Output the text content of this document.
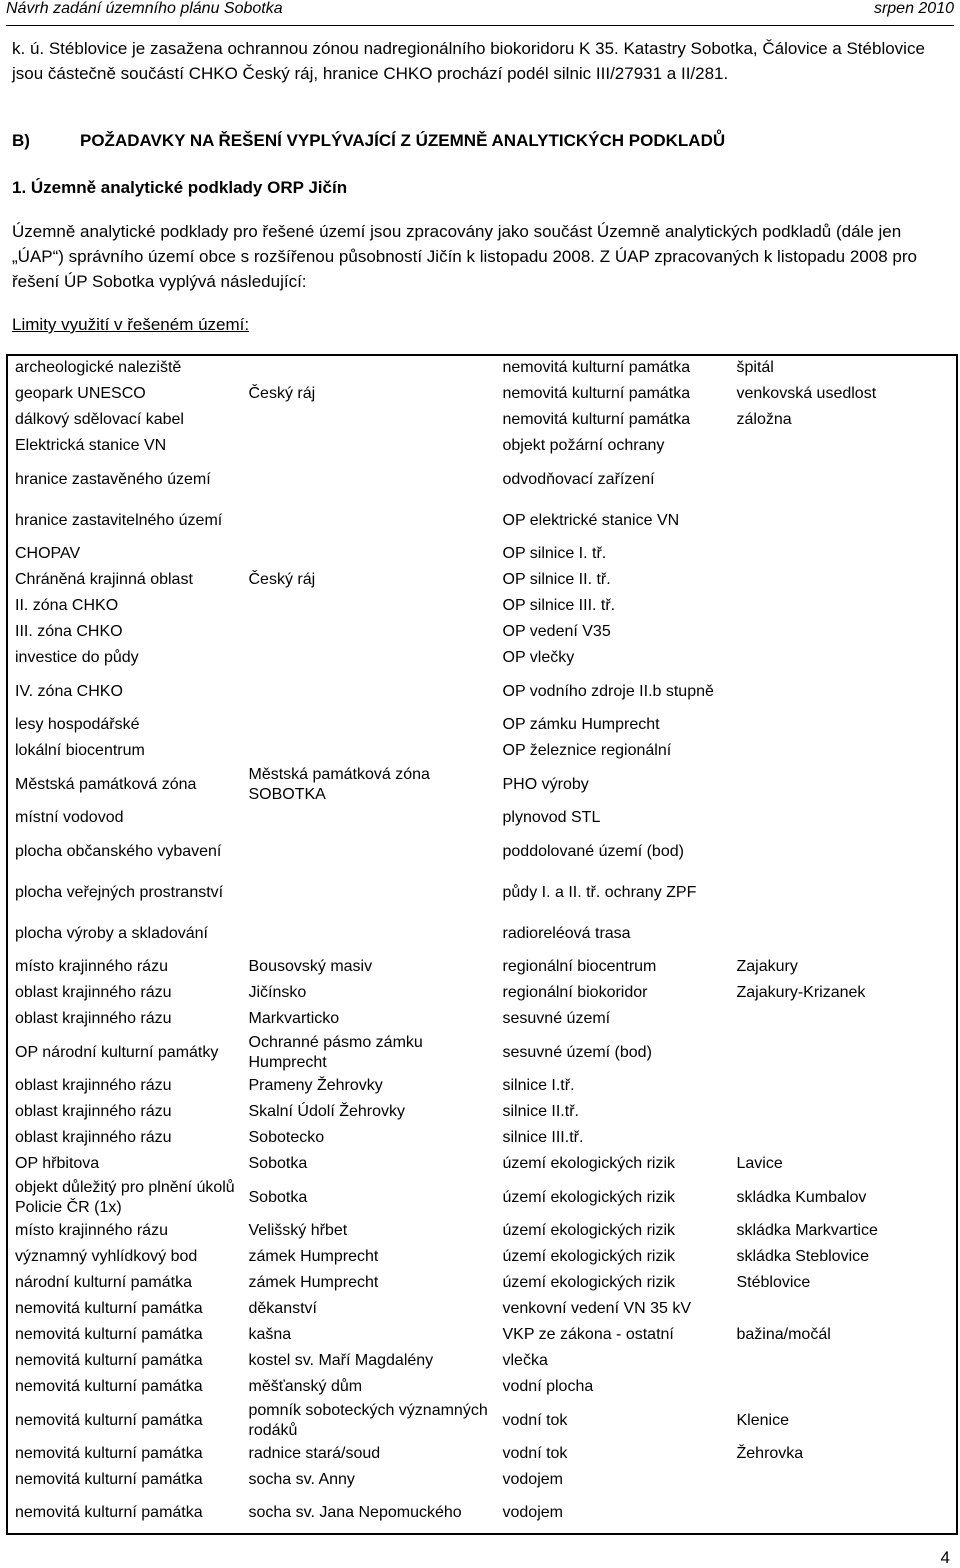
Návrh zadání územního plánu Sobotka	srpen 2010
k. ú. Stéblovice je zasažena ochrannou zónou nadregionálního biokoridoru K 35. Katastry Sobotka, Čálovice a Stéblovice jsou částečně součástí CHKO Český ráj, hranice CHKO prochází podél silnic III/27931 a II/281.
B)	POŽADAVKY NA ŘEŠENÍ VYPLÝVAJÍCÍ Z ÚZEMNĚ ANALYTICKÝCH PODKLADŮ
1. Územně analytické podklady ORP Jičín
Územně analytické podklady pro řešené území jsou zpracovány jako součást Územně analytických podkladů (dále jen „ÚAP“) správního území obce s rozšířenou působností Jičín k listopadu 2008. Z ÚAP zpracovaných k listopadu 2008 pro řešení ÚP Sobotka vyplývá následující:
Limity využití v řešeném území:
archeologické naleziště		nemovitá kulturní památka	špitál
geopark UNESCO	Český ráj	nemovitá kulturní památka	venkovská usedlost
dálkový sdělovací kabel		nemovitá kulturní památka	záložna
Elektrická stanice VN		objekt požární ochrany	
hranice zastavěného území		odvodňovací zařízení	
hranice zastavitelného území		OP elektrické stanice VN	
CHOPAV		OP silnice I. tř.	
Chráněná krajinná oblast	Český ráj	OP silnice II. tř.	
II. zóna CHKO		OP silnice III. tř.	
III. zóna CHKO		OP vedení V35	
investice do půdy		OP vlečky	
IV. zóna CHKO		OP vodního zdroje II.b stupně	
lesy hospodářské		OP zámku Humprecht	
lokální biocentrum		OP železnice regionální	
Městská památková zóna	Městská památková zóna SOBOTKA	PHO výroby	
místní vodovod		plynovod STL	
plocha občanského vybavení		poddolované území (bod)	
plocha veřejných prostranství		půdy I. a II. tř. ochrany ZPF	
plocha výroby a skladování		radioreléová trasa	
místo krajinného rázu	Bousovský masiv	regionální biocentrum	Zajakury
oblast krajinného rázu	Jičínsko	regionální biokoridor	Zajakury-Krizanek
oblast krajinného rázu	Markvarticko	sesuvné území	
OP národní kulturní památky	Ochranné pásmo zámku Humprecht	sesuvné území (bod)	
oblast krajinného rázu	Prameny Žehrovky	silnice I.tř.	
oblast krajinného rázu	Skalní Údolí Žehrovky	silnice II.tř.	
oblast krajinného rázu	Sobotecko	silnice III.tř.	
OP hřbitova	Sobotka	území ekologických rizik	Lavice
objekt důležitý pro plnění úkolů Policie ČR (1x)	Sobotka	území ekologických rizik	skládka Kumbalov
místo krajinného rázu	Velišský hřbet	území ekologických rizik	skládka Markvartice
významný vyhlídkový bod	zámek Humprecht	území ekologických rizik	skládka Steblovice
národní kulturní památka	zámek Humprecht	území ekologických rizik	Stéblovice
nemovitá kulturní památka	děkanství	venkovní vedení VN 35 kV	
nemovitá kulturní památka	kašna	VKP ze zákona - ostatní	bažina/močál
nemovitá kulturní památka	kostel sv. Maří Magdalény	vlečka	
nemovitá kulturní památka	měšťanský dům	vodní plocha	
nemovitá kulturní památka	pomník soboteckých významných rodáků	vodní tok	Klenice
nemovitá kulturní památka	radnice stará/soud	vodní tok	Žehrovka
nemovitá kulturní památka	socha sv. Anny	vodojem	
nemovitá kulturní památka	socha sv. Jana Nepomuckého	vodojem	
4
